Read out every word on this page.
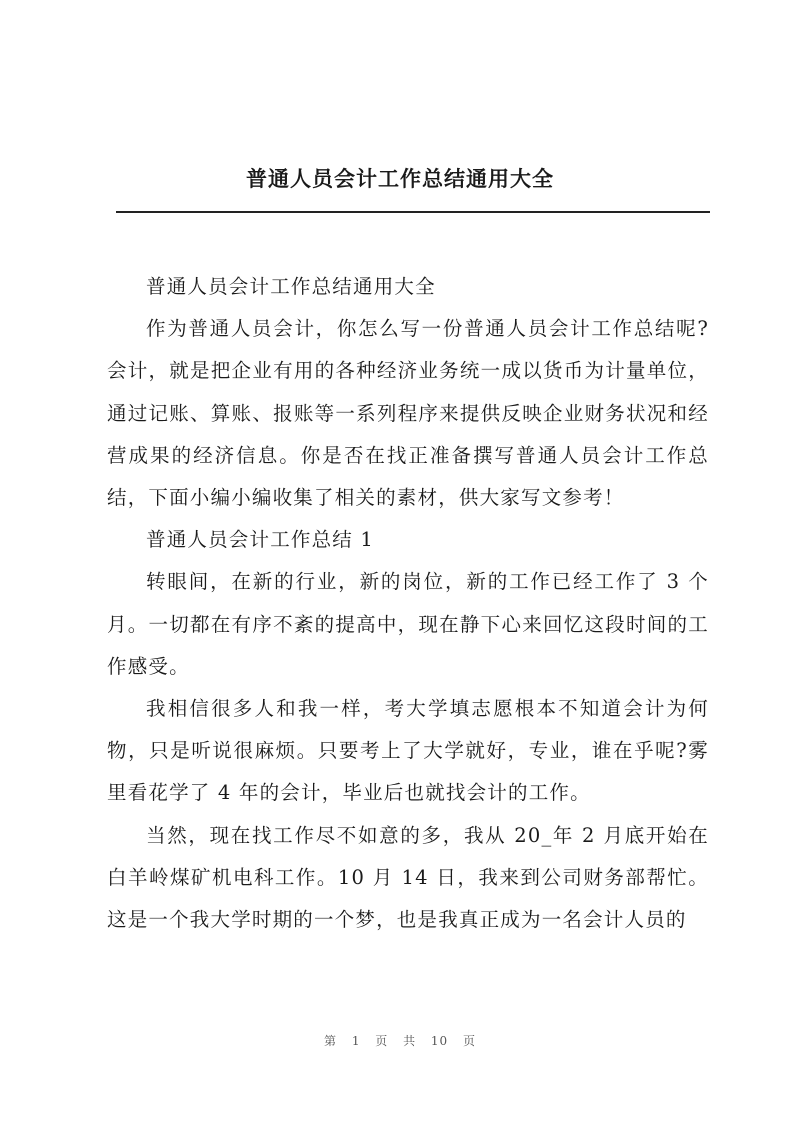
普通人员会计工作总结通用大全

普通人员会计工作总结通用大全

作为普通人员会计，你怎么写一份普通人员会计工作总结呢?会计，就是把企业有用的各种经济业务统一成以货币为计量单位，通过记账、算账、报账等一系列程序来提供反映企业财务状况和经营成果的经济信息。你是否在找正准备撰写普通人员会计工作总结，下面小编小编收集了相关的素材，供大家写文参考！

普通人员会计工作总结 1

转眼间，在新的行业，新的岗位，新的工作已经工作了 3 个月。一切都在有序不紊的提高中，现在静下心来回忆这段时间的工作感受。

我相信很多人和我一样，考大学填志愿根本不知道会计为何物，只是听说很麻烦。只要考上了大学就好，专业，谁在乎呢?雾里看花学了 4 年的会计，毕业后也就找会计的工作。

当然，现在找工作尽不如意的多，我从 20_年 2 月底开始在白羊岭煤矿机电科工作。10 月 14 日，我来到公司财务部帮忙。这是一个我大学时期的一个梦，也是我真正成为一名会计人员的

第 1 页 共 10 页
